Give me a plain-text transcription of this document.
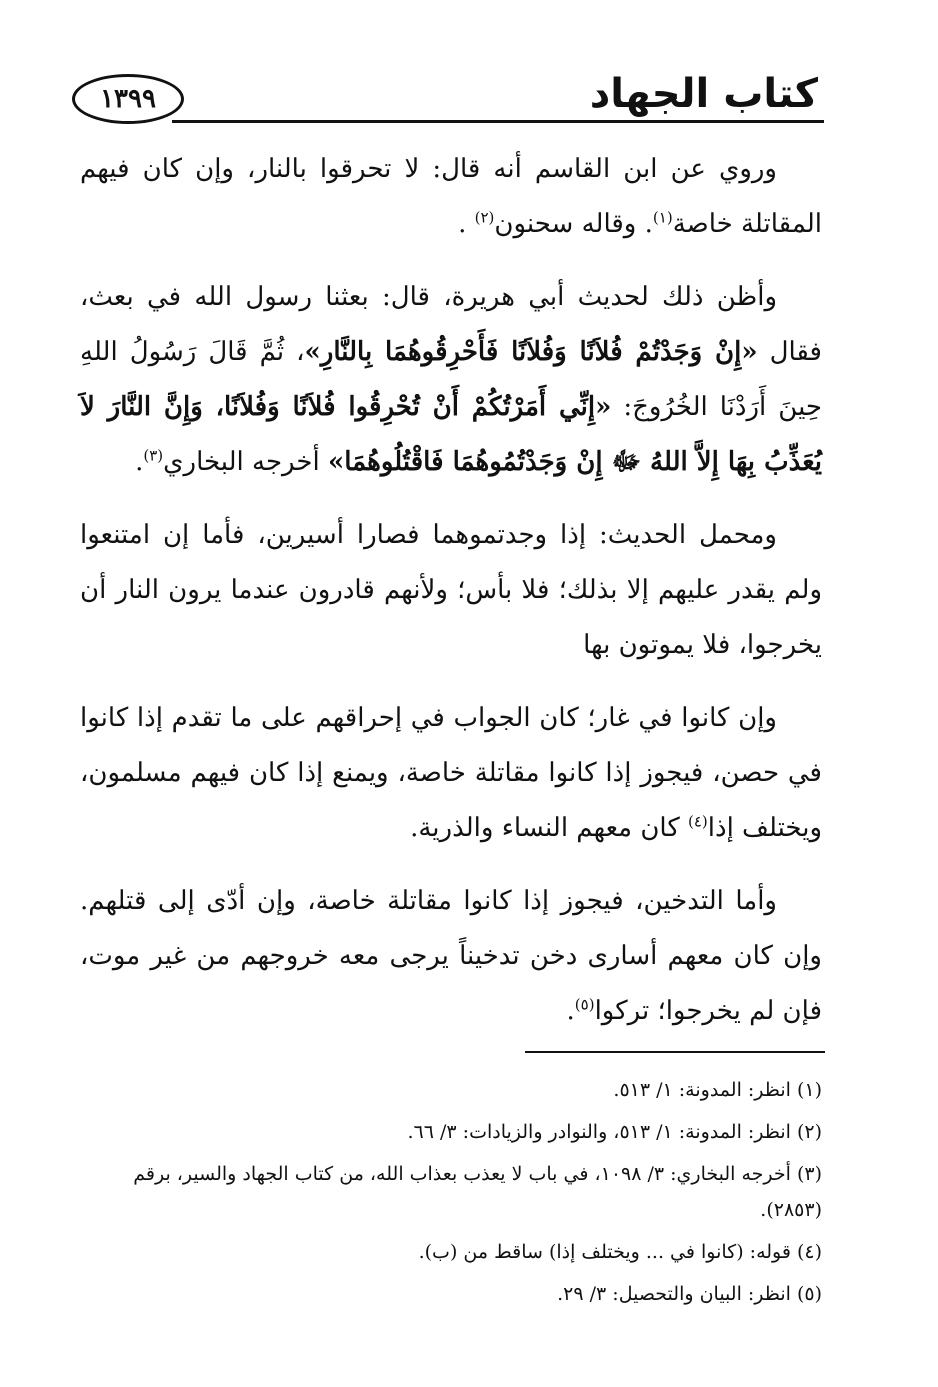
١٣٩٩	كتاب الجهاد

وروي عن ابن القاسم أنه قال: لا تحرقوا بالنار، وإن كان فيهم المقاتلة خاصة$^{(١)}$. وقاله سحنون$^{(٢)}$ .

وأظن ذلك لحديث أبي هريرة، قال: بعثنا رسول الله في بعث، فقال «إِنْ وَجَدْتُمْ فُلاَنًا وَفُلاَنًا فَأَحْرِقُوهُمَا بِالنَّارِ»، ثُمَّ قَالَ رَسُولُ اللهِ حِينَ أَرَدْنَا الخُرُوجَ: «إِنِّي أَمَرْتُكُمْ أَنْ تُحْرِقُوا فُلاَنًا وَفُلاَنًا، وَإِنَّ النَّارَ لاَ يُعَذِّبُ بِهَا إِلاَّ اللهُ ﷻ إِنْ وَجَدْتُمُوهُمَا فَاقْتُلُوهُمَا» أخرجه البخاري$^{(٣)}$.

ومحمل الحديث: إذا وجدتموهما فصارا أسيرين، فأما إن امتنعوا ولم يقدر عليهم إلا بذلك؛ فلا بأس؛ ولأنهم قادرون عندما يرون النار أن يخرجوا، فلا يموتون بها

وإن كانوا في غار؛ كان الجواب في إحراقهم على ما تقدم إذا كانوا في حصن، فيجوز إذا كانوا مقاتلة خاصة، ويمنع إذا كان فيهم مسلمون، ويختلف إذا$^{(٤)}$ كان معهم النساء والذرية.

وأما التدخين، فيجوز إذا كانوا مقاتلة خاصة، وإن أدّى إلى قتلهم. وإن كان معهم أسارى دخن تدخيناً يرجى معه خروجهم من غير موت، فإن لم يخرجوا؛ تركوا$^{(٥)}$.

(١)انظر: المدونة: ١/ ٥١٣.

(٢)انظر: المدونة: ١/ ٥١٣، والنوادر والزيادات: ٣/ ٦٦.

(٣)أخرجه البخاري: ٣/ ١٠٩٨، في باب لا يعذب بعذاب الله، من كتاب الجهاد والسير، برقم (٢٨٥٣).

(٤)قوله: (كانوا في ... ويختلف إذا) ساقط من (ب).

(٥)انظر: البيان والتحصيل: ٣/ ٢٩.
